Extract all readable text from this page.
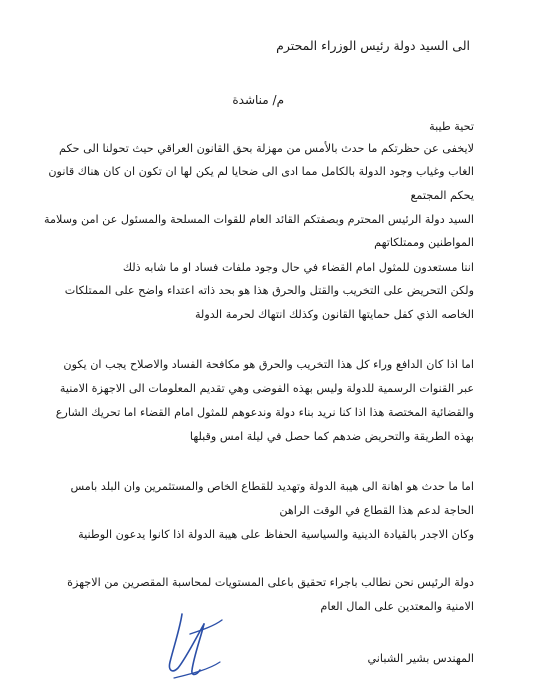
الى السيد دولة رئيس الوزراء المحترم
م/ مناشدة
تحية طيبة
لايخفى عن حظرتكم ما حدث بالأمس من مهزلة بحق القانون العراقي حيث تحولنا الى حكم
الغاب وغياب وجود الدولة بالكامل مما ادى الى ضحايا لم يكن لها ان تكون ان كان هناك قانون
يحكم المجتمع
السيد دولة الرئيس المحترم وبصفتكم القائد العام للقوات المسلحة والمسئول عن امن وسلامة
المواطنين وممتلكاتهم
اننا مستعدون للمثول امام القضاء في حال وجود ملفات فساد او ما شابه ذلك
ولكن التحريض على التخريب والقتل والحرق هذا هو بحد ذاته اعتداء واضح على الممتلكات
الخاصه الذي كفل حمايتها القانون وكذلك انتهاك لحرمة الدولة
اما اذا كان الدافع وراء كل هذا التخريب والحرق هو مكافحة الفساد والاصلاح يجب ان يكون
عبر القنوات الرسمية للدولة وليس بهذه الفوضى وهي تقديم المعلومات الى الاجهزة الامنية
والقضائية المختصة هذا اذا كنا نريد بناء دولة وندعوهم للمثول امام القضاء اما تحريك الشارع
بهذه الطريقة والتحريض ضدهم كما حصل في ليلة امس وقبلها
اما ما حدث هو اهانة الى هيبة الدولة وتهديد للقطاع الخاص والمستثمرين وان البلد بامس
الحاجة لدعم هذا القطاع في الوقت الراهن
وكان الاجدر بالقيادة الدينية والسياسية الحفاظ على هيبة الدولة اذا كانوا يدعون الوطنية
دولة الرئيس نحن نطالب باجراء تحقيق باعلى المستويات لمحاسبة المقصرين من الاجهزة
الامنية والمعتدين على المال العام
المهندس بشير الشباني
